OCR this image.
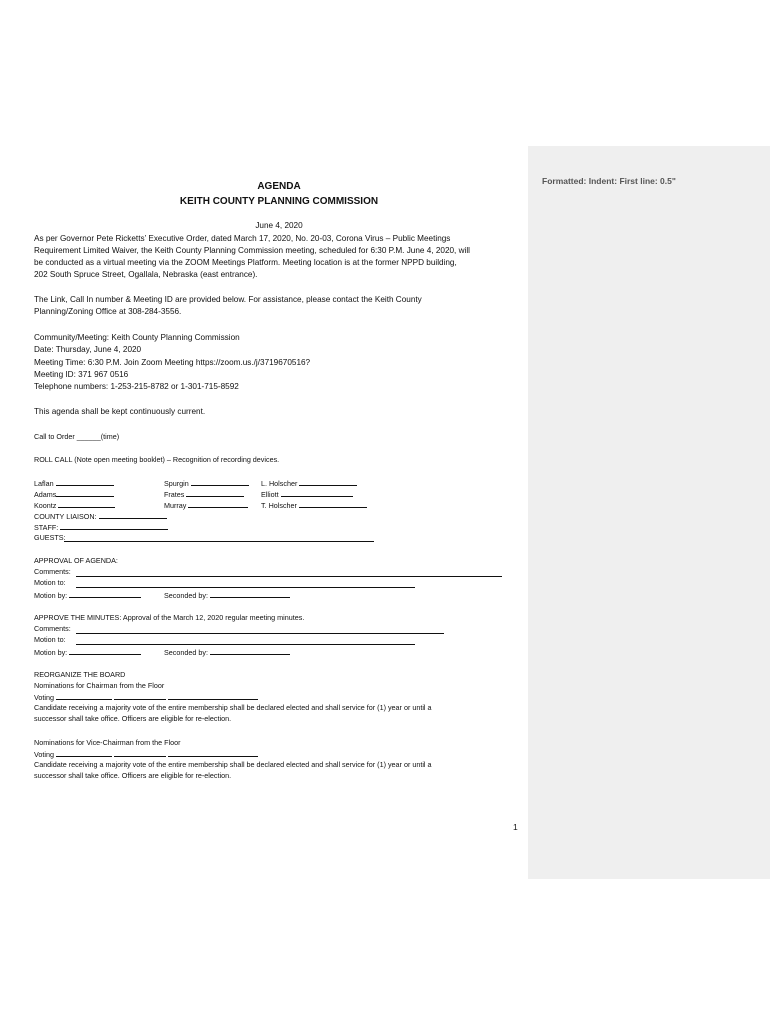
Formatted: Indent: First line: 0.5"
AGENDA
KEITH COUNTY PLANNING COMMISSION
June 4, 2020
As per Governor Pete Ricketts’ Executive Order, dated March 17, 2020, No. 20-03, Corona Virus – Public Meetings
Requirement Limited Waiver, the Keith County Planning Commission meeting, scheduled for 6:30 P.M. June 4, 2020, will
be conducted as a virtual meeting via the ZOOM Meetings Platform. Meeting location is at the former NPPD building,
202 South Spruce Street, Ogallala, Nebraska (east entrance).
The Link, Call In number & Meeting ID are provided below. For assistance, please contact the Keith County
Planning/Zoning Office at 308-284-3556.
Community/Meeting: Keith County Planning Commission
Date: Thursday, June 4, 2020
Meeting Time: 6:30 P.M. Join Zoom Meeting https://zoom.us./j/3719670516?
Meeting ID: 371 967 0516
Telephone numbers: 1-253-215-8782 or 1-301-715-8592
This agenda shall be kept continuously current.
Call to Order ______(time)
ROLL CALL (Note open meeting booklet) – Recognition of recording devices.
Laflan
Adams
Koontz
Spurgin
Frates
Murray
L. Holscher
Elliott
T. Holscher
COUNTY LIAISON:
STAFF:
GUESTS:
APPROVAL OF AGENDA:
Comments:
Motion to:
Motion by:	Seconded by:
APPROVE THE MINUTES: Approval of the March 12, 2020 regular meeting minutes.
Comments:
Motion to:
Motion by:	Seconded by:
REORGANIZE THE BOARD
Nominations for Chairman from the Floor
Voting
Candidate receiving a majority vote of the entire membership shall be declared elected and shall service for (1) year or until a
successor shall take office. Officers are eligible for re-election.
Nominations for Vice-Chairman from the Floor
Voting
Candidate receiving a majority vote of the entire membership shall be declared elected and shall service for (1) year or until a
successor shall take office. Officers are eligible for re-election.
1
